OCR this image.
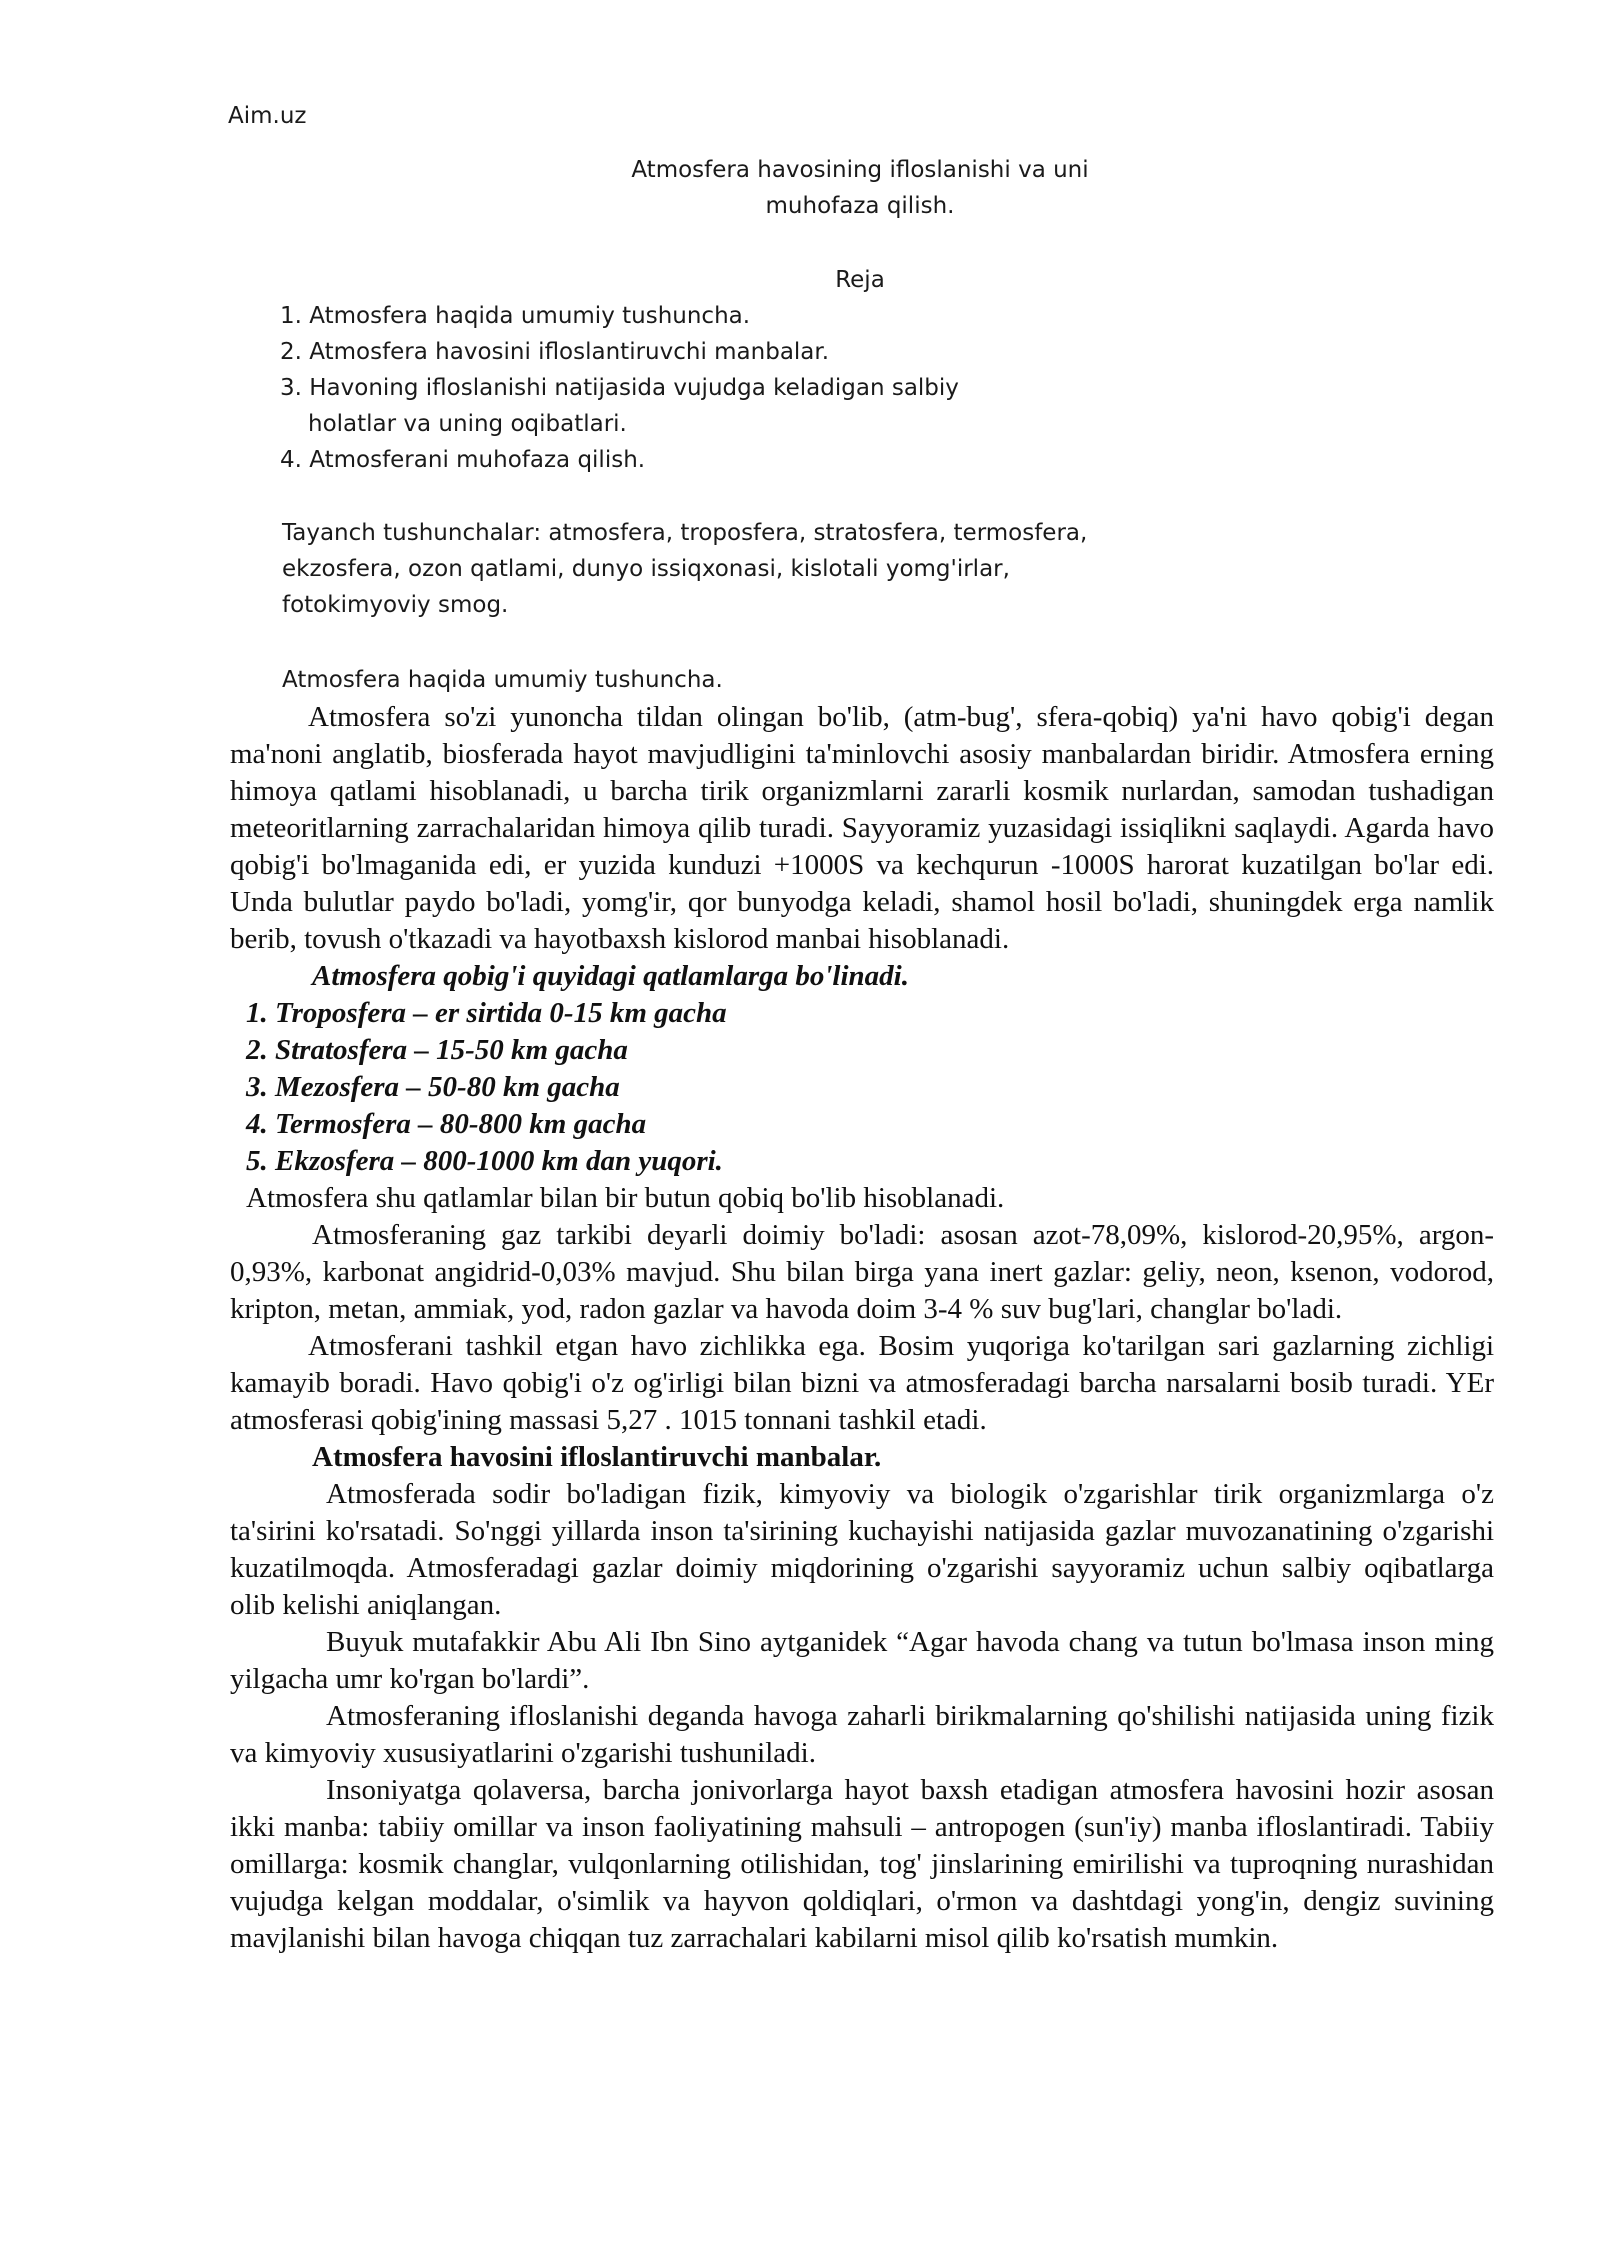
Aim.uz
Atmosfera havosining ifloslanishi va uni
muhofaza qilish.
Reja
1. Atmosfera haqida umumiy tushuncha.
2. Atmosfera havosini ifloslantiruvchi manbalar.
3. Havoning ifloslanishi natijasida vujudga keladigan salbiy
holatlar va uning oqibatlari.
4. Atmosferani muhofaza qilish.
Tayanch tushunchalar: atmosfera, troposfera, stratosfera, termosfera,
ekzosfera, ozon qatlami, dunyo issiqxonasi, kislotali yomg'irlar,
fotokimyoviy smog.
Atmosfera haqida umumiy tushuncha.

Atmosfera so'zi yunoncha tildan olingan bo'lib, (atm-bug', sfera-qobiq) ya'ni havo qobig'i degan ma'noni anglatib, biosferada hayot mavjudligini ta'minlovchi asosiy manbalardan biridir. Atmosfera erning himoya qatlami hisoblanadi, u barcha tirik organizmlarni zararli kosmik nurlardan, samodan tushadigan meteoritlarning zarrachalaridan himoya qilib turadi. Sayyoramiz yuzasidagi issiqlikni saqlaydi. Agarda havo qobig'i bo'lmaganida edi, er yuzida kunduzi +1000S va kechqurun -1000S harorat kuzatilgan bo'lar edi. Unda bulutlar paydo bo'ladi, yomg'ir, qor bunyodga keladi, shamol hosil bo'ladi, shuningdek erga namlik berib, tovush o'tkazadi va hayotbaxsh kislorod manbai hisoblanadi.

Atmosfera qobig'i quyidagi qatlamlarga bo'linadi.

1. Troposfera – er sirtida 0-15 km gacha
2. Stratosfera – 15-50 km gacha
3. Mezosfera – 50-80 km gacha
4. Termosfera – 80-800 km gacha
5. Ekzosfera – 800-1000 km dan yuqori.

Atmosfera shu qatlamlar bilan bir butun qobiq bo'lib hisoblanadi.

Atmosferaning gaz tarkibi deyarli doimiy bo'ladi: asosan azot-78,09%, kislorod-20,95%, argon-0,93%, karbonat angidrid-0,03% mavjud. Shu bilan birga yana inert gazlar: geliy, neon, ksenon, vodorod, kripton, metan, ammiak, yod, radon gazlar va havoda doim 3-4 % suv bug'lari, changlar bo'ladi.

Atmosferani tashkil etgan havo zichlikka ega. Bosim yuqoriga ko'tarilgan sari gazlarning zichligi kamayib boradi. Havo qobig'i o'z og'irligi bilan bizni va atmosferadagi barcha narsalarni bosib turadi. YEr atmosferasi qobig'ining massasi 5,27 . 1015 tonnani tashkil etadi.

Atmosfera havosini ifloslantiruvchi manbalar.

Atmosferada sodir bo'ladigan fizik, kimyoviy va biologik o'zgarishlar tirik organizmlarga o'z ta'sirini ko'rsatadi. So'nggi yillarda inson ta'sirining kuchayishi natijasida gazlar muvozanatining o'zgarishi kuzatilmoqda. Atmosferadagi gazlar doimiy miqdorining o'zgarishi sayyoramiz uchun salbiy oqibatlarga olib kelishi aniqlangan.

Buyuk mutafakkir Abu Ali Ibn Sino aytganidek “Agar havoda chang va tutun bo'lmasa inson ming yilgacha umr ko'rgan bo'lardi”.

Atmosferaning ifloslanishi deganda havoga zaharli birikmalarning qo'shilishi natijasida uning fizik va kimyoviy xususiyatlarini o'zgarishi tushuniladi.

Insoniyatga qolaversa, barcha jonivorlarga hayot baxsh etadigan atmosfera havosini hozir asosan ikki manba: tabiiy omillar va inson faoliyatining mahsuli – antropogen (sun'iy) manba ifloslantiradi. Tabiiy omillarga: kosmik changlar, vulqonlarning otilishidan, tog' jinslarining emirilishi va tuproqning nurashidan vujudga kelgan moddalar, o'simlik va hayvon qoldiqlari, o'rmon va dashtdagi yong'in, dengiz suvining mavjlanishi bilan havoga chiqqan tuz zarrachalari kabilarni misol qilib ko'rsatish mumkin.
